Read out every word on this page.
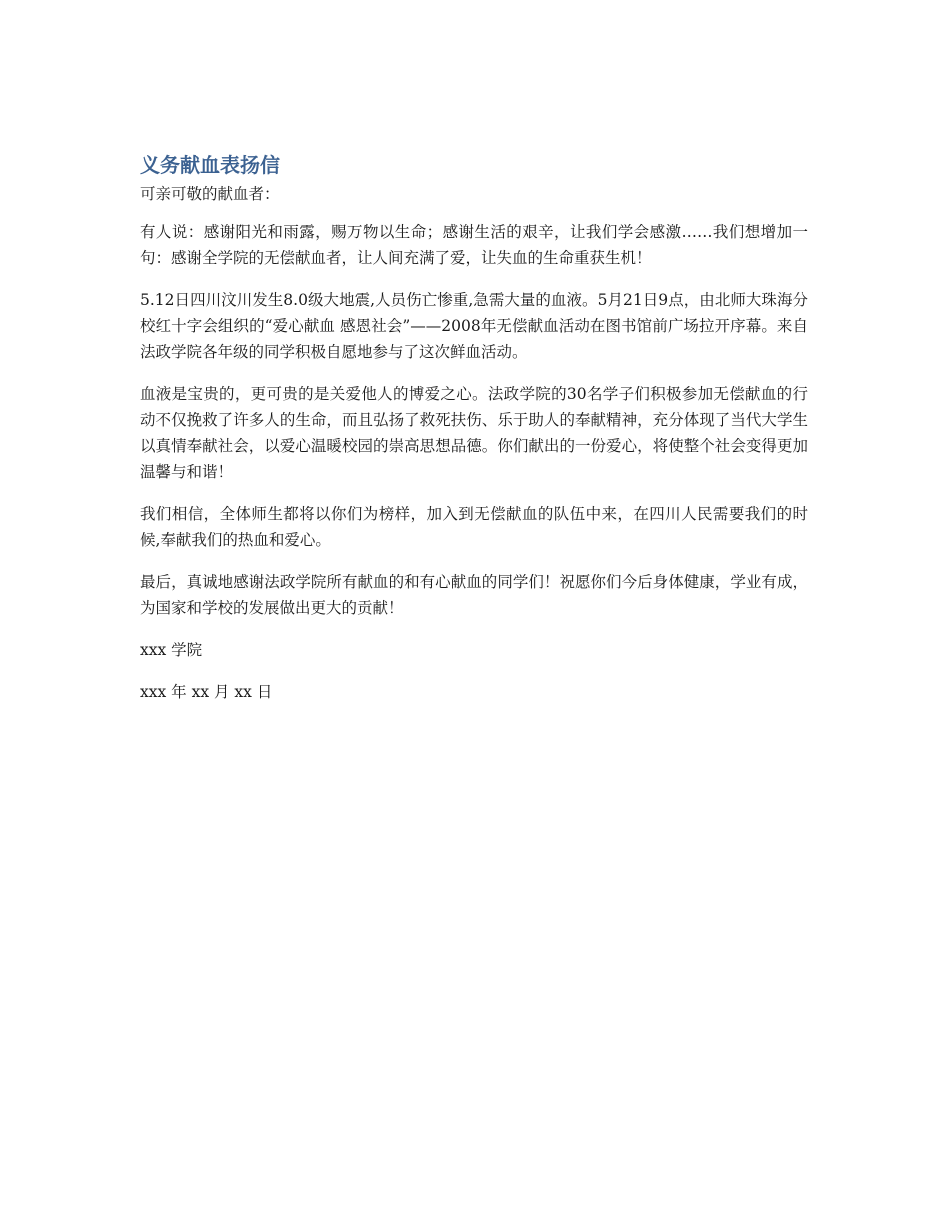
义务献血表扬信

可亲可敬的献血者：

有人说：感谢阳光和雨露，赐万物以生命；感谢生活的艰辛，让我们学会感激……我们想增加一句：感谢全学院的无偿献血者，让人间充满了爱，让失血的生命重获生机！

5.12日四川汶川发生8.0级大地震,人员伤亡惨重,急需大量的血液。5月21日9点，由北师大珠海分校红十字会组织的“爱心献血 感恩社会”——2008年无偿献血活动在图书馆前广场拉开序幕。来自法政学院各年级的同学积极自愿地参与了这次鲜血活动。

血液是宝贵的，更可贵的是关爱他人的博爱之心。法政学院的30名学子们积极参加无偿献血的行动不仅挽救了许多人的生命，而且弘扬了救死扶伤、乐于助人的奉献精神，充分体现了当代大学生以真情奉献社会，以爱心温暖校园的崇高思想品德。你们献出的一份爱心，将使整个社会变得更加温馨与和谐！

我们相信，全体师生都将以你们为榜样，加入到无偿献血的队伍中来，在四川人民需要我们的时候,奉献我们的热血和爱心。

最后，真诚地感谢法政学院所有献血的和有心献血的同学们！祝愿你们今后身体健康，学业有成，为国家和学校的发展做出更大的贡献！

xxx 学院

xxx 年 xx 月 xx 日
